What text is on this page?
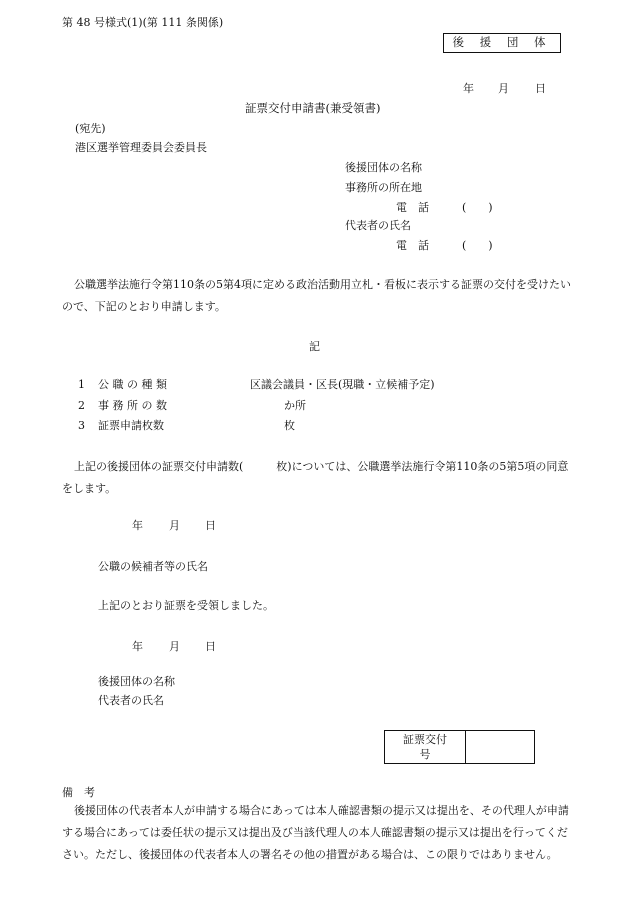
第 48 号様式(1)(第 111 条関係)
後 援 団 体
年 月 日
証票交付申請書(兼受領書)
(宛先)
港区選挙管理委員会委員長
後援団体の名称
事務所の所在地
電　話	(　　)
代表者の氏名
電　話	(　　)
公職選挙法施行令第110条の5第4項に定める政治活動用立札・看板に表示する証票の交付を受けたいので、下記のとおり申請します。
記
1 公 職 の 種 類	区議会議員・区長(現職・立候補予定)
2 事 務 所 の 数	か所
3 証票申請枚数	枚
上記の後援団体の証票交付申請数(　　　枚)については、公職選挙法施行令第110条の5第5項の同意をします。
年 月 日
公職の候補者等の氏名
上記のとおり証票を受領しました。
年 月 日
後援団体の名称
代表者の氏名
証票交付
号	
備　考
後援団体の代表者本人が申請する場合にあっては本人確認書類の提示又は提出を、その代理人が申請する場合にあっては委任状の提示又は提出及び当該代理人の本人確認書類の提示又は提出を行ってください。ただし、後援団体の代表者本人の署名その他の措置がある場合は、この限りではありません。
